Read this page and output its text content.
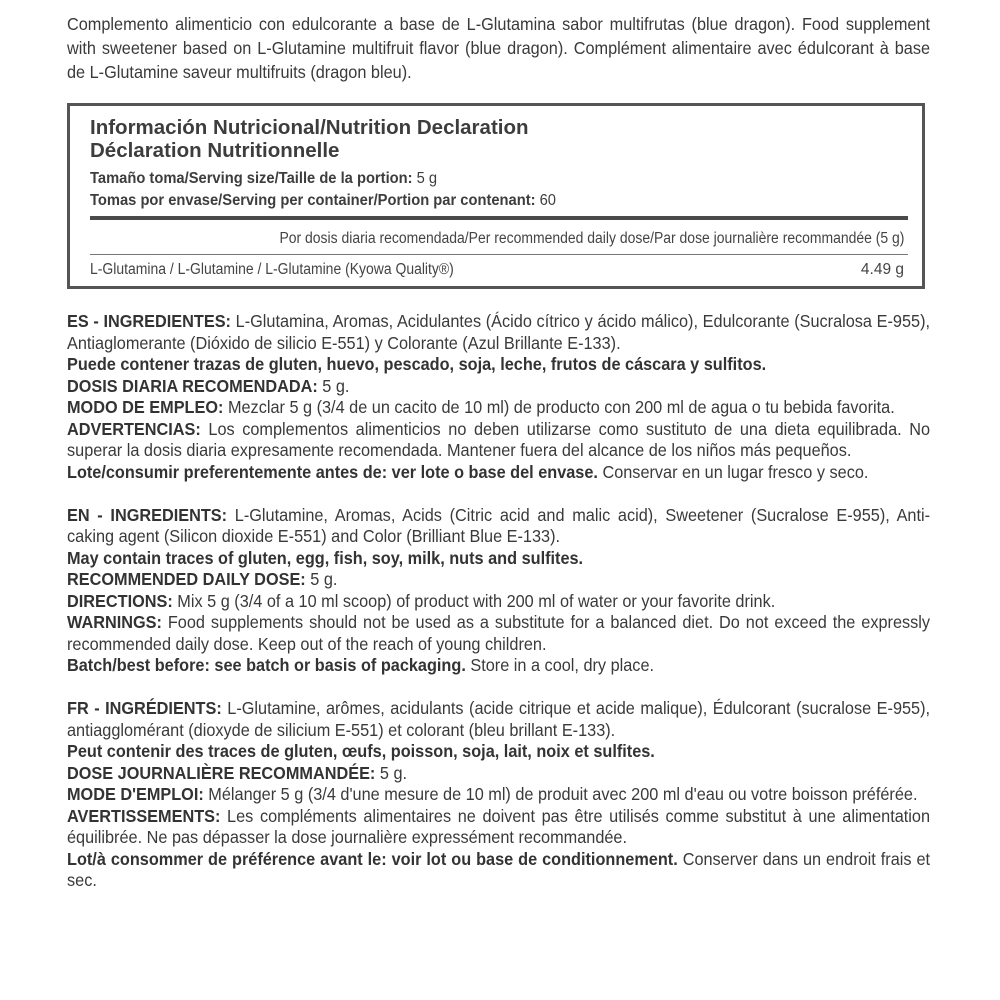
Complemento alimenticio con edulcorante a base de L-Glutamina sabor multifrutas (blue dragon). Food supplement with sweetener based on L-Glutamine multifruit flavor (blue dragon). Complément alimentaire avec édulcorant à base de L-Glutamine saveur multifruits (dragon bleu).
Información Nutricional/Nutrition Declaration
Déclaration Nutritionnelle
Tamaño toma/Serving size/Taille de la portion: 5 g
Tomas por envase/Serving per container/Portion par contenant: 60
Por dosis diaria recomendada/Per recommended daily dose/Par dose journalière recommandée (5 g)
L-Glutamina / L-Glutamine / L-Glutamine (Kyowa Quality®)	4.49 g

ES - INGREDIENTES: L-Glutamina, Aromas, Acidulantes (Ácido cítrico y ácido málico), Edulcorante (Sucralosa E-955), Antiaglomerante (Dióxido de silicio E-551) y Colorante (Azul Brillante E-133).

Puede contener trazas de gluten, huevo, pescado, soja, leche, frutos de cáscara y sulfitos.

DOSIS DIARIA RECOMENDADA: 5 g.

MODO DE EMPLEO: Mezclar 5 g (3/4 de un cacito de 10 ml) de producto con 200 ml de agua o tu bebida favorita.

ADVERTENCIAS: Los complementos alimenticios no deben utilizarse como sustituto de una dieta equilibrada. No superar la dosis diaria expresamente recomendada. Mantener fuera del alcance de los niños más pequeños.

Lote/consumir preferentemente antes de: ver lote o base del envase. Conservar en un lugar fresco y seco.

EN - INGREDIENTS: L-Glutamine, Aromas, Acids (Citric acid and malic acid), Sweetener (Sucralose E-955), Anti-caking agent (Silicon dioxide E-551) and Color (Brilliant Blue E-133).

May contain traces of gluten, egg, fish, soy, milk, nuts and sulfites.

RECOMMENDED DAILY DOSE: 5 g.

DIRECTIONS: Mix 5 g (3/4 of a 10 ml scoop) of product with 200 ml of water or your favorite drink.

WARNINGS: Food supplements should not be used as a substitute for a balanced diet. Do not exceed the expressly recommended daily dose. Keep out of the reach of young children.

Batch/best before: see batch or basis of packaging. Store in a cool, dry place.

FR - INGRÉDIENTS: L-Glutamine, arômes, acidulants (acide citrique et acide malique), Édulcorant (sucralose E-955), antiagglomérant (dioxyde de silicium E-551) et colorant (bleu brillant E-133).

Peut contenir des traces de gluten, œufs, poisson, soja, lait, noix et sulfites.

DOSE JOURNALIÈRE RECOMMANDÉE: 5 g.

MODE D'EMPLOI: Mélanger 5 g (3/4 d'une mesure de 10 ml) de produit avec 200 ml d'eau ou votre boisson préférée.

AVERTISSEMENTS: Les compléments alimentaires ne doivent pas être utilisés comme substitut à une alimentation équilibrée. Ne pas dépasser la dose journalière expressément recommandée.

Lot/à consommer de préférence avant le: voir lot ou base de conditionnement. Conserver dans un endroit frais et sec.
